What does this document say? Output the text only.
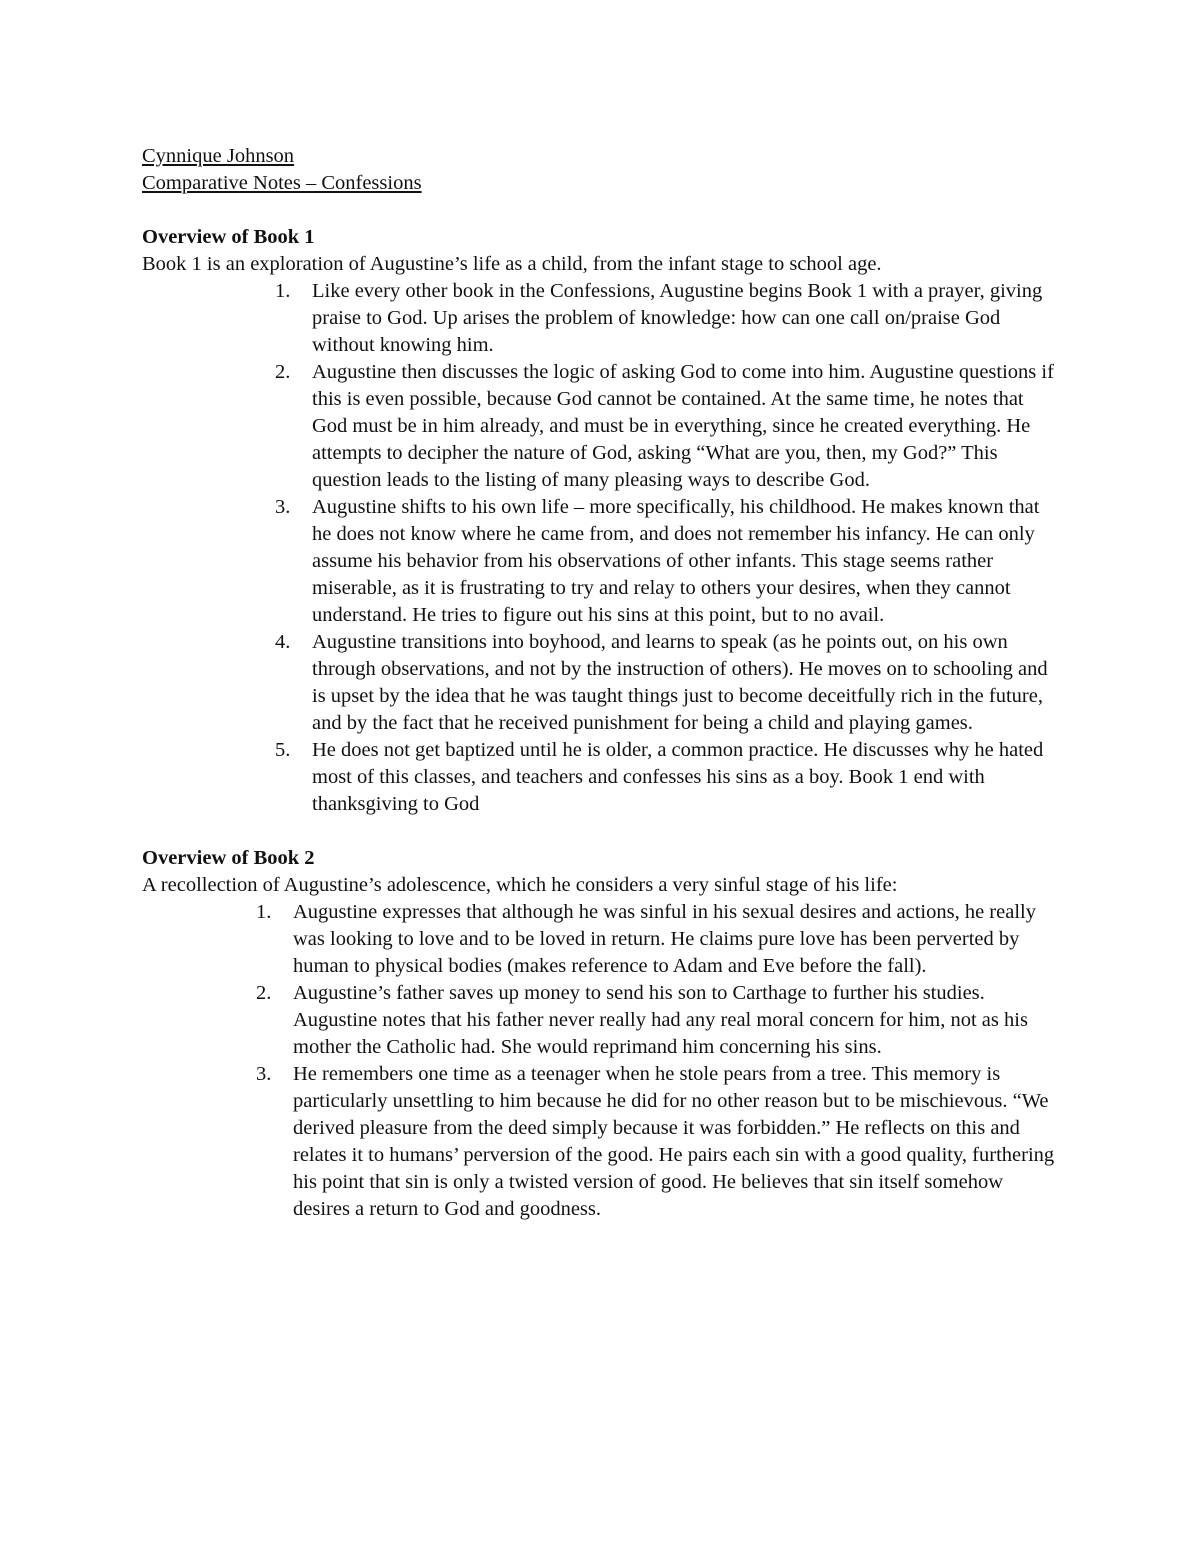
Cynnique Johnson
Comparative Notes – Confessions
Overview of Book 1
Book 1 is an exploration of Augustine’s life as a child, from the infant stage to school age.
1.	Like every other book in the Confessions, Augustine begins Book 1 with a prayer, giving praise to God. Up arises the problem of knowledge: how can one call on/praise God without knowing him.
2.	Augustine then discusses the logic of asking God to come into him. Augustine questions if this is even possible, because God cannot be contained. At the same time, he notes that God must be in him already, and must be in everything, since he created everything. He attempts to decipher the nature of God, asking “What are you, then, my God?” This question leads to the listing of many pleasing ways to describe God.
3.	Augustine shifts to his own life – more specifically, his childhood. He makes known that he does not know where he came from, and does not remember his infancy. He can only assume his behavior from his observations of other infants. This stage seems rather miserable, as it is frustrating to try and relay to others your desires, when they cannot understand. He tries to figure out his sins at this point, but to no avail.
4.	Augustine transitions into boyhood, and learns to speak (as he points out, on his own through observations, and not by the instruction of others). He moves on to schooling and is upset by the idea that he was taught things just to become deceitfully rich in the future, and by the fact that he received punishment for being a child and playing games.
5.	He does not get baptized until he is older, a common practice. He discusses why he hated most of this classes, and teachers and confesses his sins as a boy. Book 1 end with thanksgiving to God
Overview of Book 2
A recollection of Augustine’s adolescence, which he considers a very sinful stage of his life:
1.	Augustine expresses that although he was sinful in his sexual desires and actions, he really was looking to love and to be loved in return. He claims pure love has been perverted by human to physical bodies (makes reference to Adam and Eve before the fall).
2.	Augustine’s father saves up money to send his son to Carthage to further his studies. Augustine notes that his father never really had any real moral concern for him, not as his mother the Catholic had. She would reprimand him concerning his sins.
3.	He remembers one time as a teenager when he stole pears from a tree. This memory is particularly unsettling to him because he did for no other reason but to be mischievous. “We derived pleasure from the deed simply because it was forbidden.” He reflects on this and relates it to humans’ perversion of the good. He pairs each sin with a good quality, furthering his point that sin is only a twisted version of good. He believes that sin itself somehow desires a return to God and goodness.
